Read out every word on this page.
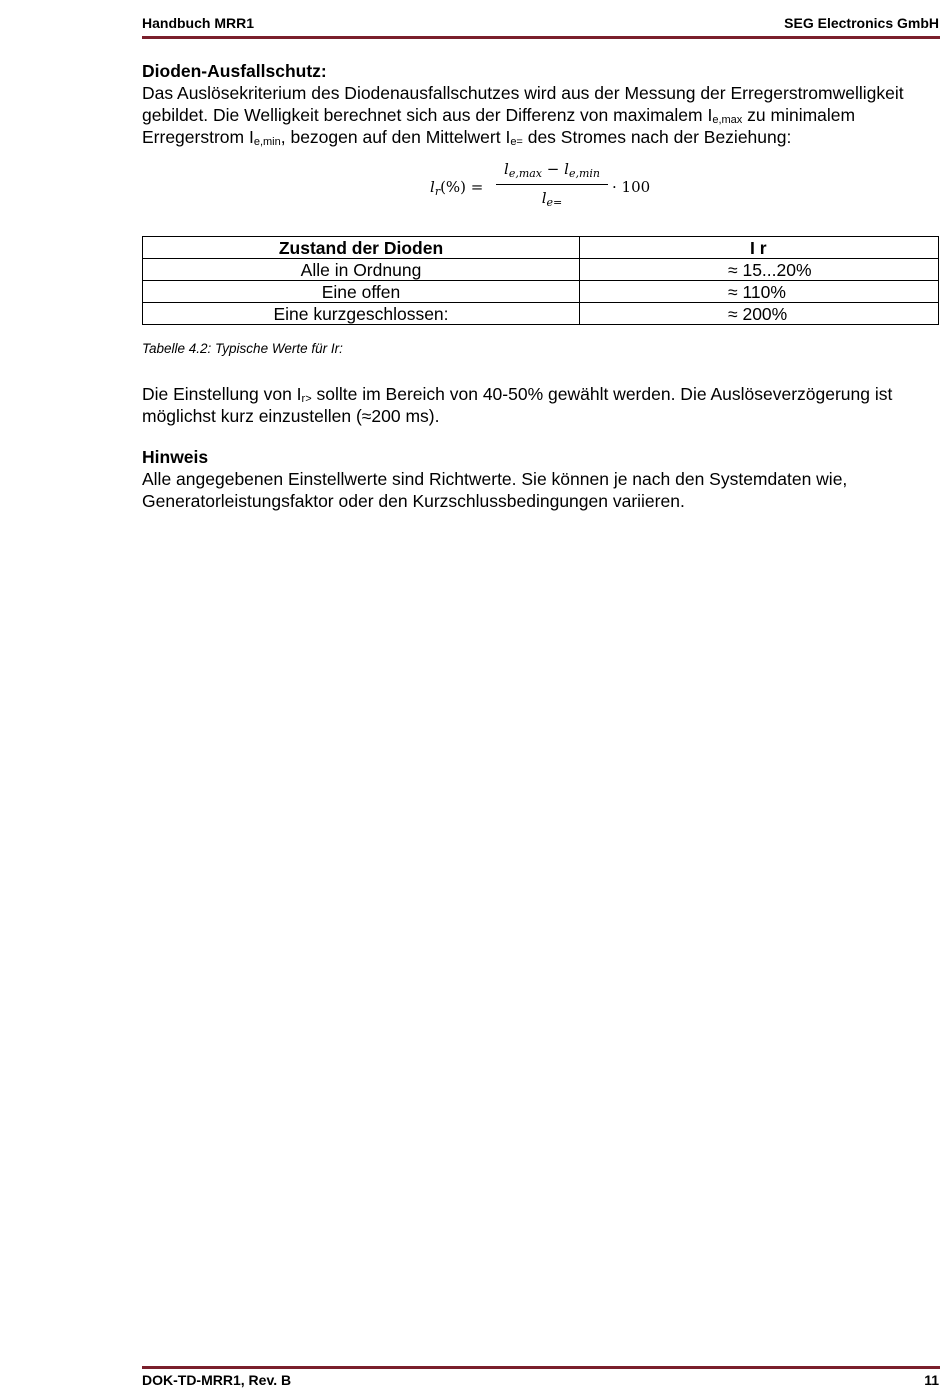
Handbuch MRR1	SEG Electronics GmbH
Dioden-Ausfallschutz:

Das Auslösekriterium des Diodenausfallschutzes wird aus der Messung der Erregerstromwelligkeit gebildet. Die Welligkeit berechnet sich aus der Differenz von maximalem $I_{e,max}$ zu minimalem Erregerstrom $I_{e,min}$, bezogen auf den Mittelwert $I_{e=}$ des Stromes nach der Beziehung:

$l_r(\%)$ =
$l_{e,max} - l_{e,min}$
$l_{e=}$
· 100
Zustand der Dioden	I r
Alle in Ordnung	≈ 15...20%
Eine offen	≈ 110%
Eine kurzgeschlossen:	≈ 200%
Tabelle 4.2: Typische Werte für Ir:

Die Einstellung von $I_{r>}$ sollte im Bereich von 40-50% gewählt werden. Die Auslöseverzögerung ist möglichst kurz einzustellen (≈200 ms).

Hinweis

Alle angegebenen Einstellwerte sind Richtwerte. Sie können je nach den Systemdaten wie, Generatorleistungsfaktor oder den Kurzschlussbedingungen variieren.

DOK-TD-MRR1, Rev. B	11
